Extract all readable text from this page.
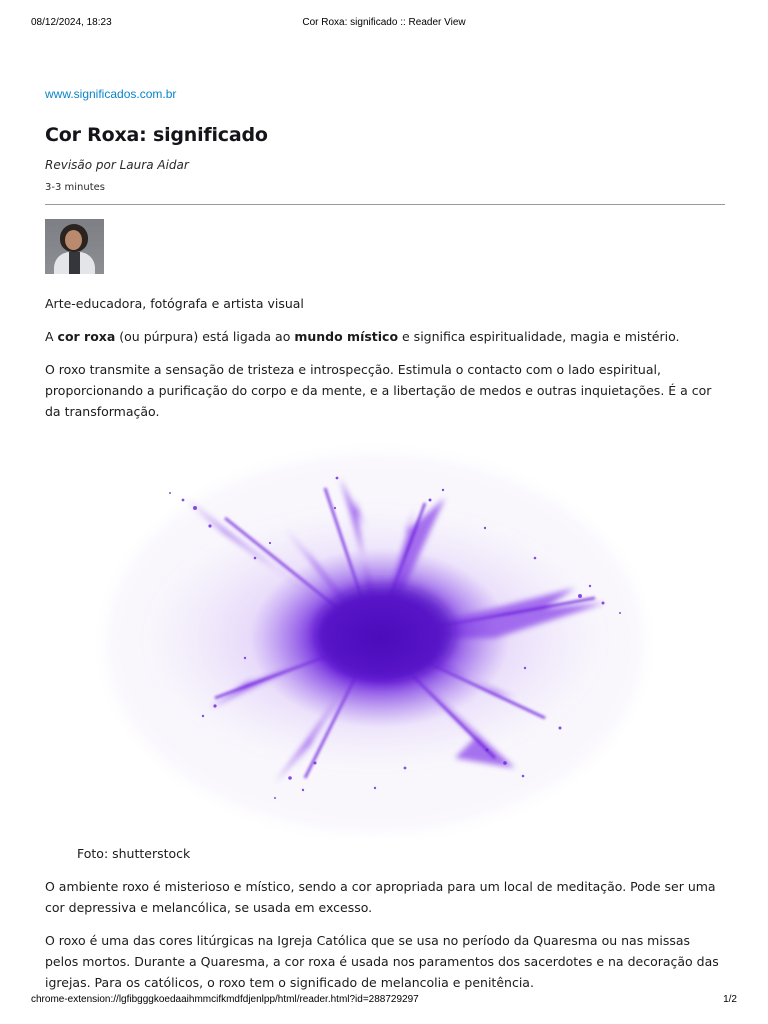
08/12/2024, 18:23	Cor Roxa: significado :: Reader View
www.significados.com.br
Cor Roxa: significado
Revisão por Laura Aidar
3-3 minutes

Arte-educadora, fotógrafa e artista visual

A cor roxa (ou púrpura) está ligada ao mundo místico e significa espiritualidade, magia e mistério.

O roxo transmite a sensação de tristeza e introspecção. Estimula o contacto com o lado espiritual, proporcionando a purificação do corpo e da mente, e a libertação de medos e outras inquietações. É a cor da transformação.

Foto: shutterstock

O ambiente roxo é misterioso e místico, sendo a cor apropriada para um local de meditação. Pode ser uma cor depressiva e melancólica, se usada em excesso.

O roxo é uma das cores litúrgicas na Igreja Católica que se usa no período da Quaresma ou nas missas pelos mortos. Durante a Quaresma, a cor roxa é usada nos paramentos dos sacerdotes e na decoração das igrejas. Para os católicos, o roxo tem o significado de melancolia e penitência.

chrome-extension://lgfibgggkoedaaihmmcifkmdfdjenlpp/html/reader.html?id=288729297	1/2
